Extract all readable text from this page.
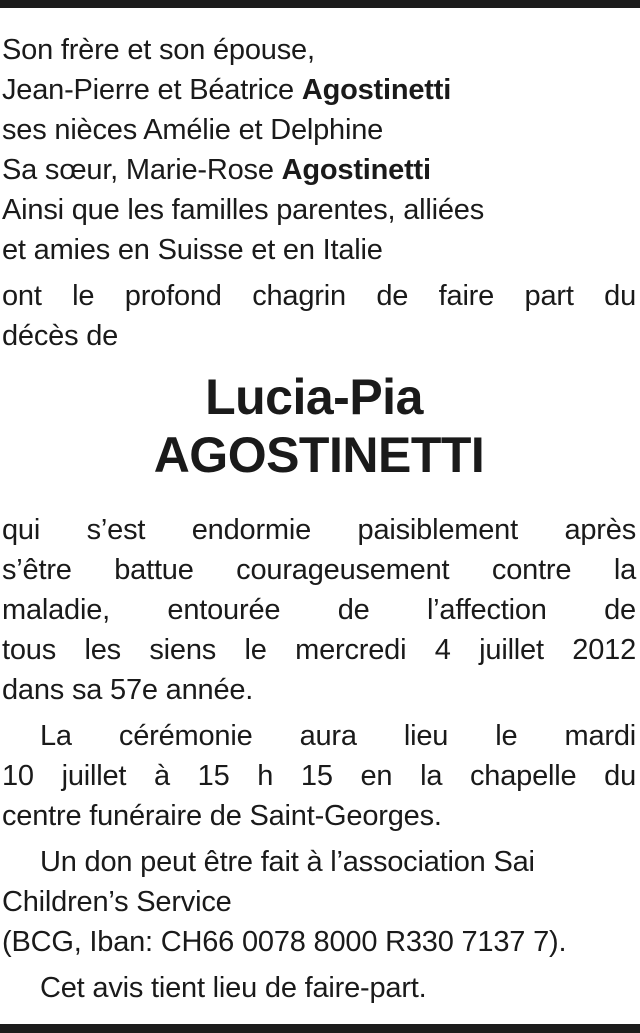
Son frère et son épouse,
Jean-Pierre et Béatrice Agostinetti
ses nièces Amélie et Delphine
Sa sœur, Marie-Rose Agostinetti
Ainsi que les familles parentes, alliées
et amies en Suisse et en Italie
ont le profond chagrin de faire part du
décès de
Lucia-Pia
AGOSTINETTI
qui s’est endormie paisiblement après
s’être battue courageusement contre la
maladie, entourée de l’affection de
tous les siens le mercredi 4 juillet 2012
dans sa 57e année.
La cérémonie aura lieu le mardi
10 juillet à 15 h 15 en la chapelle du
centre funéraire de Saint-Georges.
Un don peut être fait à l’association Sai
Children’s Service
(BCG, Iban: CH66 0078 8000 R330 7137 7).
Cet avis tient lieu de faire-part.
